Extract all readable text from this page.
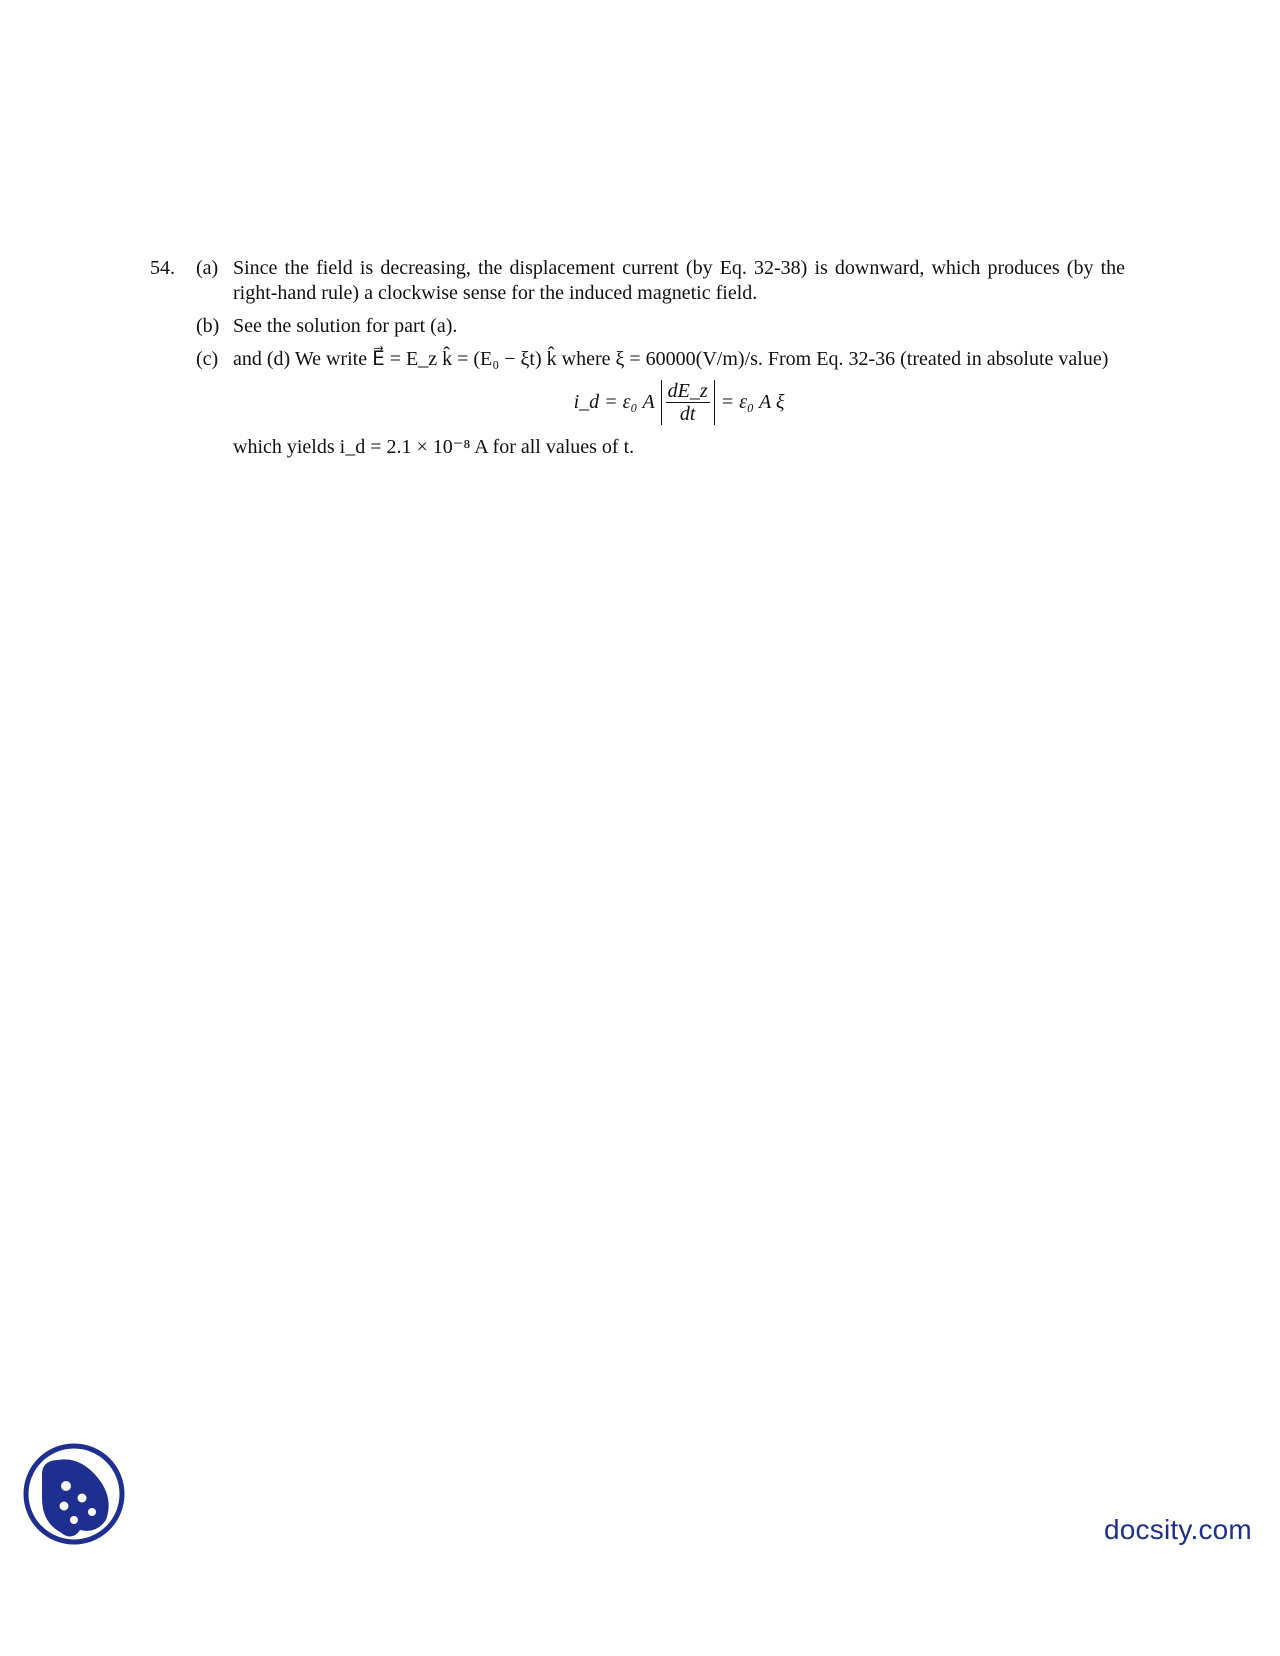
54. (a) Since the field is decreasing, the displacement current (by Eq. 32-38) is downward, which produces (by the right-hand rule) a clockwise sense for the induced magnetic field.
(b) See the solution for part (a).
(c) and (d) We write E⃗ = E_z k̂ = (E₀ − ξt) k̂ where ξ = 60000(V/m)/s. From Eq. 32-36 (treated in absolute value)
i_d = ε₀ A $\frac{dE\_z}{dt} = \varepsilon_0$ A ξ
which yields i_d = 2.1 × 10⁻⁸ A for all values of t.
docsity.com
